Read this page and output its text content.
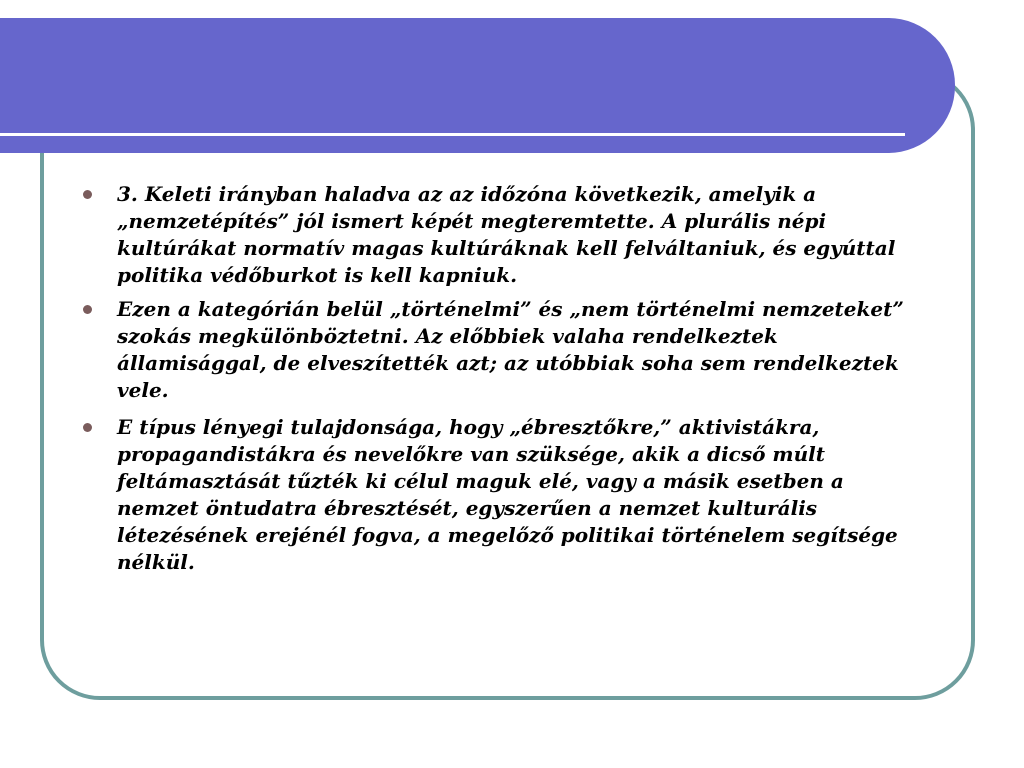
3. Keleti irányban haladva az az időzóna következik, amelyik a
„nemzetépítés” jól ismert képét megteremtette. A plurális népi
kultúrákat normatív magas kultúráknak kell felváltaniuk, és egyúttal
politika védőburkot is kell kapniuk.
Ezen a kategórián belül „történelmi” és „nem történelmi nemzeteket”
szokás megkülönböztetni. Az előbbiek valaha rendelkeztek
államisággal, de elveszítették azt; az utóbbiak soha sem rendelkeztek
vele.
E típus lényegi tulajdonsága, hogy „ébresztőkre,” aktivistákra,
propagandistákra és nevelőkre van szüksége, akik a dicső múlt
feltámasztását tűzték ki célul maguk elé, vagy a másik esetben a
nemzet öntudatra ébresztését, egyszerűen a nemzet kulturális
létezésének erejénél fogva, a megelőző politikai történelem segítsége
nélkül.
